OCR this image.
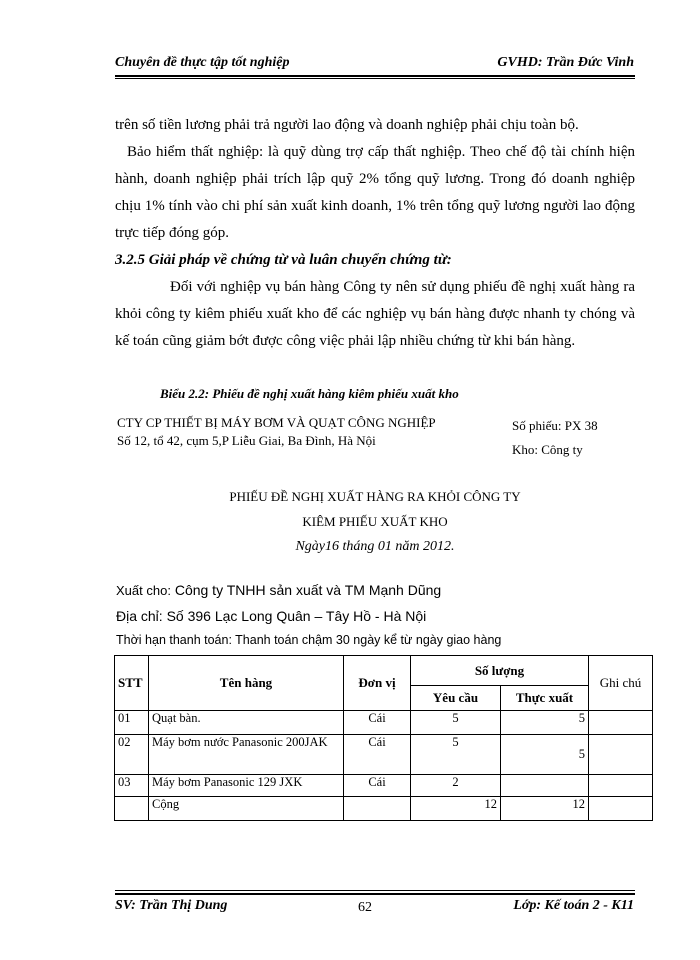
Chuyên đề thực tập tốt nghiệp	GVHD: Trần Đức Vinh

trên số tiền lương phải trả người lao động và doanh nghiệp phải chịu toàn bộ.

Bảo hiểm thất nghiệp: là quỹ dùng trợ cấp thất nghiệp. Theo chế độ tài chính hiện hành, doanh nghiệp phải trích lập quỹ 2% tổng quỹ lương. Trong đó doanh nghiệp chịu 1% tính vào chi phí sản xuất kinh doanh, 1% trên tổng quỹ lương người lao động trực tiếp đóng góp.

3.2.5 Giải pháp về chứng từ và luân chuyển chứng từ:

Đối với nghiệp vụ bán hàng Công ty nên sử dụng phiếu đề nghị xuất hàng ra khỏi công ty kiêm phiếu xuất kho để các nghiệp vụ bán hàng được nhanh ty chóng và kế toán cũng giảm bớt được công việc phải lập nhiều chứng từ khi bán hàng.

Biểu 2.2: Phiếu đề nghị xuất hàng kiêm phiếu xuất kho
CTY CP THIẾT BỊ MÁY BƠM VÀ QUẠT CÔNG NGHIỆP
Số 12, tổ 42, cụm 5,P Liễu Giai, Ba Đình, Hà Nội
Số phiếu: PX 38
Kho: Công ty
PHIẾU ĐỀ NGHỊ XUẤT HÀNG RA KHỎI CÔNG TY
KIÊM PHIẾU XUẤT KHO
Ngày16 tháng 01 năm 2012.
Xuất cho: Công ty TNHH sản xuất và TM Mạnh Dũng
Địa chỉ: Số 396 Lạc Long Quân – Tây Hồ - Hà Nội
Thời hạn thanh toán: Thanh toán chậm 30 ngày kể từ ngày giao hàng
STT	Tên hàng	Đơn vị	Số lượng		Ghi chú
			Yêu cầu	Thực xuất	
01	Quạt bàn.	Cái	5	5	
02	Máy bơm nước Panasonic 200JAK	Cái	5	5	
03	Máy bơm Panasonic 129 JXK	Cái	2		
	Cộng		12	12	
SV: Trần Thị Dung	62	Lớp: Kế toán 2 - K11
